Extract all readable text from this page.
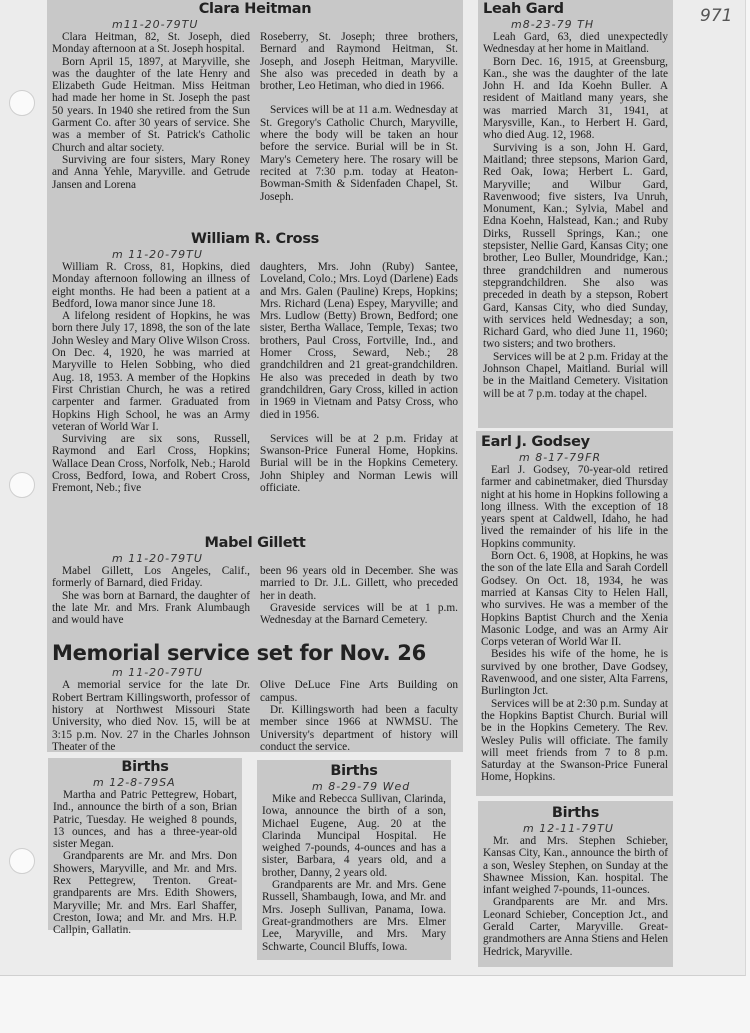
971
Clara Heitman
m11-20-79TU

Clara Heitman, 82, St. Joseph, died Monday afternoon at a St. Joseph hospital.

Born April 15, 1897, at Maryville, she was the daughter of the late Henry and Elizabeth Gude Heitman. Miss Heitman had made her home in St. Joseph the past 50 years. In 1940 she retired from the Sun Garment Co. after 30 years of service. She was a member of St. Patrick's Catholic Church and altar society.

Surviving are four sisters, Mary Roney and Anna Yehle, Maryville. and Getrude Jansen and Lorena

Roseberry, St. Joseph; three brothers, Bernard and Raymond Heitman, St. Joseph, and Joseph Heitman, Maryville. She also was preceded in death by a brother, Leo Hetiman, who died in 1966.

Services will be at 11 a.m. Wednesday at St. Gregory's Catholic Church, Maryville, where the body will be taken an hour before the service. Burial will be in St. Mary's Cemetery here. The rosary will be recited at 7:30 p.m. today at Heaton-Bowman-Smith & Sidenfaden Chapel, St. Joseph.

William R. Cross
m 11-20-79TU

William R. Cross, 81, Hopkins, died Monday afternoon following an illness of eight months. He had been a patient at a Bedford, Iowa manor since June 18.

A lifelong resident of Hopkins, he was born there July 17, 1898, the son of the late John Wesley and Mary Olive Wilson Cross. On Dec. 4, 1920, he was married at Maryville to Helen Sobbing, who died Aug. 18, 1953. A member of the Hopkins First Christian Church, he was a retired carpenter and farmer. Graduated from Hopkins High School, he was an Army veteran of World War I.

Surviving are six sons, Russell, Raymond and Earl Cross, Hopkins; Wallace Dean Cross, Norfolk, Neb.; Harold Cross, Bedford, Iowa, and Robert Cross, Fremont, Neb.; five

daughters, Mrs. John (Ruby) Santee, Loveland, Colo.; Mrs. Loyd (Darlene) Eads and Mrs. Galen (Pauline) Kreps, Hopkins; Mrs. Richard (Lena) Espey, Maryville; and Mrs. Ludlow (Betty) Brown, Bedford; one sister, Bertha Wallace, Temple, Texas; two brothers, Paul Cross, Fortville, Ind., and Homer Cross, Seward, Neb.; 28 grandchildren and 21 great-grandchildren. He also was preceded in death by two grandchildren, Gary Cross, killed in action in 1969 in Vietnam and Patsy Cross, who died in 1956.

Services will be at 2 p.m. Friday at Swanson-Price Funeral Home, Hopkins. Burial will be in the Hopkins Cemetery. John Shipley and Norman Lewis will officiate.

Mabel Gillett
m 11-20-79TU

Mabel Gillett, Los Angeles, Calif., formerly of Barnard, died Friday.

She was born at Barnard, the daughter of the late Mr. and Mrs. Frank Alumbaugh and would have

been 96 years old in December. She was married to Dr. J.L. Gillett, who preceded her in death.

Graveside services will be at 1 p.m. Wednesday at the Barnard Cemetery.

Memorial service set for Nov. 26
m 11-20-79TU

A memorial service for the late Dr. Robert Bertram Killingsworth, professor of history at Northwest Missouri State University, who died Nov. 15, will be at 3:15 p.m. Nov. 27 in the Charles Johnson Theater of the

Olive DeLuce Fine Arts Building on campus.

Dr. Killingsworth had been a faculty member since 1966 at NWMSU. The University's department of history will conduct the service.

Births
m 12-8-79SA

Martha and Patric Pettegrew, Hobart, Ind., announce the birth of a son, Brian Patric, Tuesday. He weighed 8 pounds, 13 ounces, and has a three-year-old sister Megan.

Grandparents are Mr. and Mrs. Don Showers, Maryville, and Mr. and Mrs. Rex Pettegrew, Trenton. Great-grandparents are Mrs. Edith Showers, Maryville; Mr. and Mrs. Earl Shaffer, Creston, Iowa; and Mr. and Mrs. H.P. Callpin, Gallatin.

Births
m 8-29-79 Wed

Mike and Rebecca Sullivan, Clarinda, Iowa, announce the birth of a son, Michael Eugene, Aug. 20 at the Clarinda Muncipal Hospital. He weighed 7-pounds, 4-ounces and has a sister, Barbara, 4 years old, and a brother, Danny, 2 years old.

Grandparents are Mr. and Mrs. Gene Russell, Shambaugh, Iowa, and Mr. and Mrs. Joseph Sullivan, Panama, Iowa. Great-grandmothers are Mrs. Elmer Lee, Maryville, and Mrs. Mary Schwarte, Council Bluffs, Iowa.

Leah Gard
m8-23-79 TH

Leah Gard, 63, died unexpectedly Wednesday at her home in Maitland.

Born Dec. 16, 1915, at Greensburg, Kan., she was the daughter of the late John H. and Ida Koehn Buller. A resident of Maitland many years, she was married March 31, 1941, at Marysville, Kan., to Herbert H. Gard, who died Aug. 12, 1968.

Surviving is a son, John H. Gard, Maitland; three stepsons, Marion Gard, Red Oak, Iowa; Herbert L. Gard, Maryville; and Wilbur Gard, Ravenwood; five sisters, Iva Unruh, Monument, Kan.; Sylvia, Mabel and Edna Koehn, Halstead, Kan.; and Ruby Dirks, Russell Springs, Kan.; one stepsister, Nellie Gard, Kansas City; one brother, Leo Buller, Moundridge, Kan.; three grandchildren and numerous stepgrandchildren. She also was preceded in death by a stepson, Robert Gard, Kansas City, who died Sunday, with services held Wednesday; a son, Richard Gard, who died June 11, 1960; two sisters; and two brothers.

Services will be at 2 p.m. Friday at the Johnson Chapel, Maitland. Burial will be in the Maitland Cemetery. Visitation will be at 7 p.m. today at the chapel.

Earl J. Godsey
m 8-17-79FR

Earl J. Godsey, 70-year-old retired farmer and cabinetmaker, died Thursday night at his home in Hopkins following a long illness. With the exception of 18 years spent at Caldwell, Idaho, he had lived the remainder of his life in the Hopkins community.

Born Oct. 6, 1908, at Hopkins, he was the son of the late Ella and Sarah Cordell Godsey. On Oct. 18, 1934, he was married at Kansas City to Helen Hall, who survives. He was a member of the Hopkins Baptist Church and the Xenia Masonic Lodge, and was an Army Air Corps veteran of World War II.

Besides his wife of the home, he is survived by one brother, Dave Godsey, Ravenwood, and one sister, Alta Farrens, Burlington Jct.

Services will be at 2:30 p.m. Sunday at the Hopkins Baptist Church. Burial will be in the Hopkins Cemetery. The Rev. Wesley Pulis will officiate. The family will meet friends from 7 to 8 p.m. Saturday at the Swanson-Price Funeral Home, Hopkins.

Births
m 12-11-79TU

Mr. and Mrs. Stephen Schieber, Kansas City, Kan., announce the birth of a son, Wesley Stephen, on Sunday at the Shawnee Mission, Kan. hospital. The infant weighed 7-pounds, 11-ounces.

Grandparents are Mr. and Mrs. Leonard Schieber, Conception Jct., and Gerald Carter, Maryville. Great-grandmothers are Anna Stiens and Helen Hedrick, Maryville.
